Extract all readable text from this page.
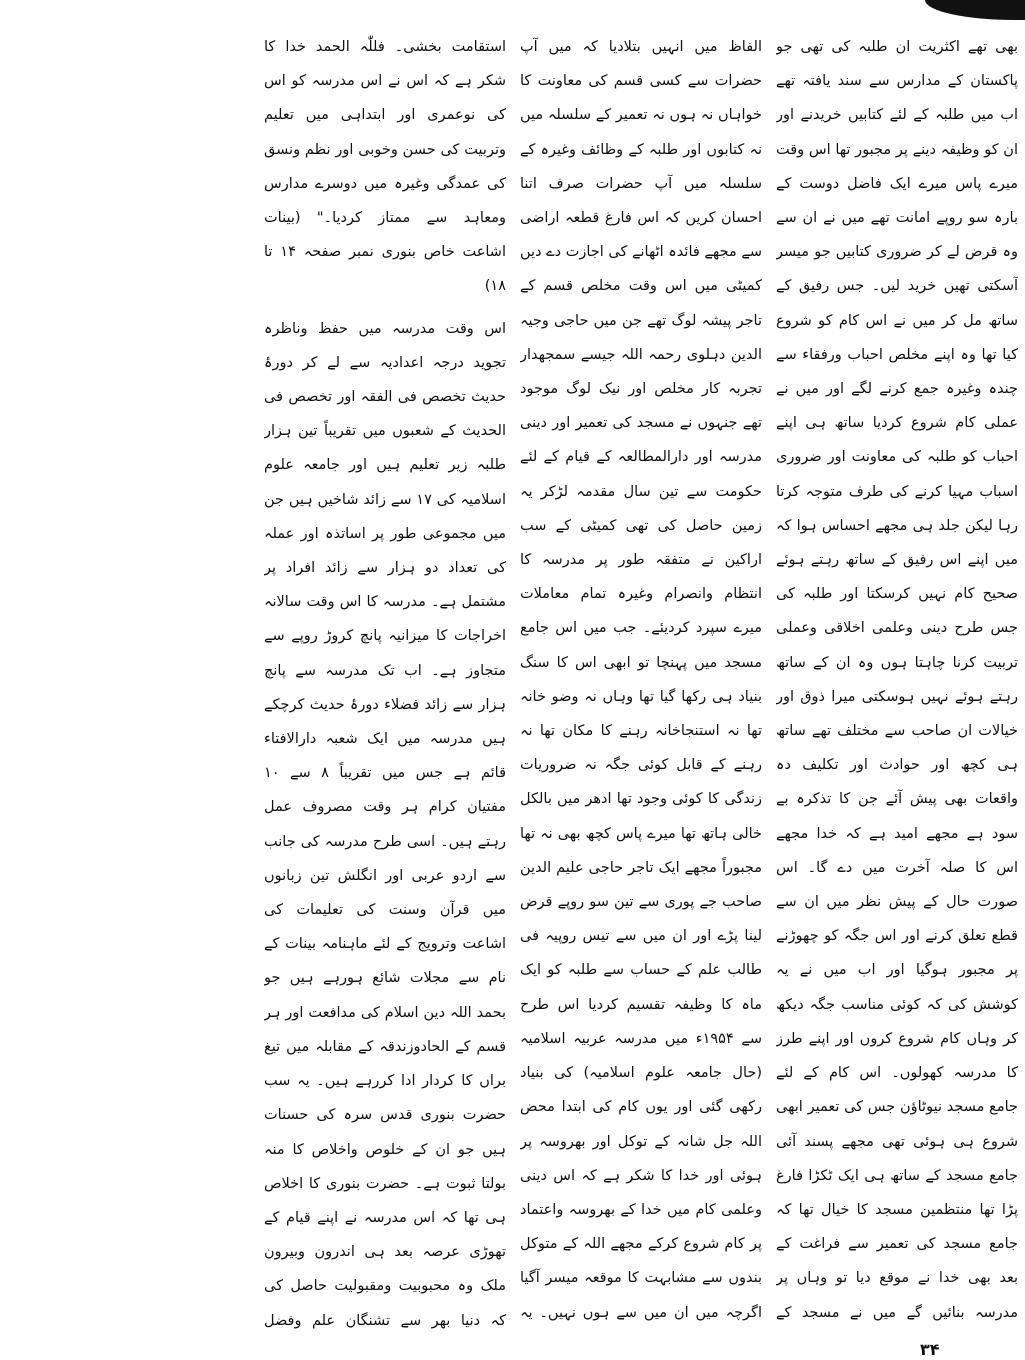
بھی تھے اکثریت ان طلبہ کی تھی جو پاکستان کے مدارس سے سند یافتہ تھے اب میں طلبہ کے لئے کتابیں خریدنے اور ان کو وظیفہ دینے پر مجبور تھا اس وقت میرے پاس میرے ایک فاضل دوست کے بارہ سو روپے امانت تھے میں نے ان سے وہ قرض لے کر ضروری کتابیں جو میسر آسکتی تھیں خرید لیں۔ جس رفیق کے ساتھ مل کر میں نے اس کام کو شروع کیا تھا وہ اپنے مخلص احباب ورفقاء سے چندہ وغیرہ جمع کرنے لگے اور میں نے عملی کام شروع کردیا ساتھ ہی اپنے احباب کو طلبہ کی معاونت اور ضروری اسباب مہیا کرنے کی طرف متوجہ کرتا رہا لیکن جلد ہی مجھے احساس ہوا کہ میں اپنے اس رفیق کے ساتھ رہتے ہوئے صحیح کام نہیں کرسکتا اور طلبہ کی جس طرح دینی وعلمی اخلاقی وعملی تربیت کرنا چاہتا ہوں وہ ان کے ساتھ رہتے ہوئے نہیں ہوسکتی میرا ذوق اور خیالات ان صاحب سے مختلف تھے ساتھ ہی کچھ اور حوادث اور تکلیف دہ واقعات بھی پیش آئے جن کا تذکرہ بے سود ہے مجھے امید ہے کہ خدا مجھے اس کا صلہ آخرت میں دے گا۔ اس صورت حال کے پیش نظر میں ان سے قطع تعلق کرنے اور اس جگہ کو چھوڑنے پر مجبور ہوگیا اور اب میں نے یہ کوشش کی کہ کوئی مناسب جگہ دیکھ کر وہاں کام شروع کروں اور اپنے طرز کا مدرسہ کھولوں۔ اس کام کے لئے جامع مسجد نیوٹاؤن جس کی تعمیر ابھی شروع ہی ہوئی تھی مجھے پسند آئی جامع مسجد کے ساتھ ہی ایک ٹکڑا فارغ پڑا تھا منتظمین مسجد کا خیال تھا کہ جامع مسجد کی تعمیر سے فراغت کے بعد بھی خدا نے موقع دیا تو وہاں پر مدرسہ بنائیں گے میں نے مسجد کے

الفاظ میں انہیں بتلادیا کہ میں آپ حضرات سے کسی قسم کی معاونت کا خواہاں نہ ہوں نہ تعمیر کے سلسلہ میں نہ کتابوں اور طلبہ کے وظائف وغیرہ کے سلسلہ میں آپ حضرات صرف اتنا احسان کریں کہ اس فارغ قطعہ اراضی سے مجھے فائدہ اٹھانے کی اجازت دے دیں کمیٹی میں اس وقت مخلص قسم کے تاجر پیشہ لوگ تھے جن میں حاجی وجیہ الدین دہلوی رحمہ اللہ جیسے سمجھدار تجربہ کار مخلص اور نیک لوگ موجود تھے جنہوں نے مسجد کی تعمیر اور دینی مدرسہ اور دارالمطالعہ کے قیام کے لئے حکومت سے تین سال مقدمہ لڑکر یہ زمین حاصل کی تھی کمیٹی کے سب اراکین نے متفقہ طور پر مدرسہ کا انتظام وانصرام وغیرہ تمام معاملات میرے سپرد کردیئے۔ جب میں اس جامع مسجد میں پہنچا تو ابھی اس کا سنگ بنیاد ہی رکھا گیا تھا وہاں نہ وضو خانہ تھا نہ استنجاخانہ رہنے کا مکان تھا نہ رہنے کے قابل کوئی جگہ نہ ضروریات زندگی کا کوئی وجود تھا ادھر میں بالکل خالی ہاتھ تھا میرے پاس کچھ بھی نہ تھا مجبوراً مجھے ایک تاجر حاجی علیم الدین صاحب جے پوری سے تین سو روپے قرض لینا پڑے اور ان میں سے تیس روپیہ فی طالب علم کے حساب سے طلبہ کو ایک ماہ کا وظیفہ تقسیم کردیا اس طرح سے ۱۹۵۴ء میں مدرسہ عربیہ اسلامیہ (حال جامعہ علوم اسلامیہ) کی بنیاد رکھی گئی اور یوں کام کی ابتدا محض اللہ جل شانہ کے توکل اور بھروسہ پر ہوئی اور خدا کا شکر ہے کہ اس دینی وعلمی کام میں خدا کے بھروسہ واعتماد پر کام شروع کرکے مجھے اللہ کے متوکل بندوں سے مشابہت کا موقعہ میسر آگیا اگرچہ میں ان میں سے ہوں نہیں۔ یہ

استقامت بخشی۔ فللّٰہ الحمد خدا کا شکر ہے کہ اس نے اس مدرسہ کو اس کی نوعمری اور ابتداہی میں تعلیم وتربیت کی حسن وخوبی اور نظم ونسق کی عمدگی وغیرہ میں دوسرے مدارس ومعاہد سے ممتاز کردیا۔" (بینات اشاعت خاص بنوری نمبر صفحہ ۱۴ تا ۱۸)

اس وقت مدرسہ میں حفظ وناظرہ تجوید درجہ اعدادیہ سے لے کر دورۂ حدیث تخصص فی الفقہ اور تخصص فی الحدیث کے شعبوں میں تقریباً تین ہزار طلبہ زیر تعلیم ہیں اور جامعہ علوم اسلامیہ کی ۱۷ سے زائد شاخیں ہیں جن میں مجموعی طور پر اساتذہ اور عملہ کی تعداد دو ہزار سے زائد افراد پر مشتمل ہے۔ مدرسہ کا اس وقت سالانہ اخراجات کا میزانیہ پانچ کروڑ روپے سے متجاوز ہے۔ اب تک مدرسہ سے پانچ ہزار سے زائد فضلاء دورۂ حدیث کرچکے ہیں مدرسہ میں ایک شعبہ دارالافتاء قائم ہے جس میں تقریباً ۸ سے ۱۰ مفتیان کرام ہر وقت مصروف عمل رہتے ہیں۔ اسی طرح مدرسہ کی جانب سے اردو عربی اور انگلش تین زبانوں میں قرآن وسنت کی تعلیمات کی اشاعت وترویج کے لئے ماہنامہ بینات کے نام سے مجلات شائع ہورہے ہیں جو بحمد اللہ دین اسلام کی مدافعت اور ہر قسم کے الحادوزندقہ کے مقابلہ میں تیغ براں کا کردار ادا کررہے ہیں۔ یہ سب حضرت بنوری قدس سرہ کی حسنات ہیں جو ان کے خلوص واخلاص کا منہ بولتا ثبوت ہے۔ حضرت بنوری کا اخلاص ہی تھا کہ اس مدرسہ نے اپنے قیام کے تھوڑی عرصہ بعد ہی اندرون وبیرون ملک وہ محبوبیت ومقبولیت حاصل کی کہ دنیا بھر سے تشنگان علم وفضل

۳۴
